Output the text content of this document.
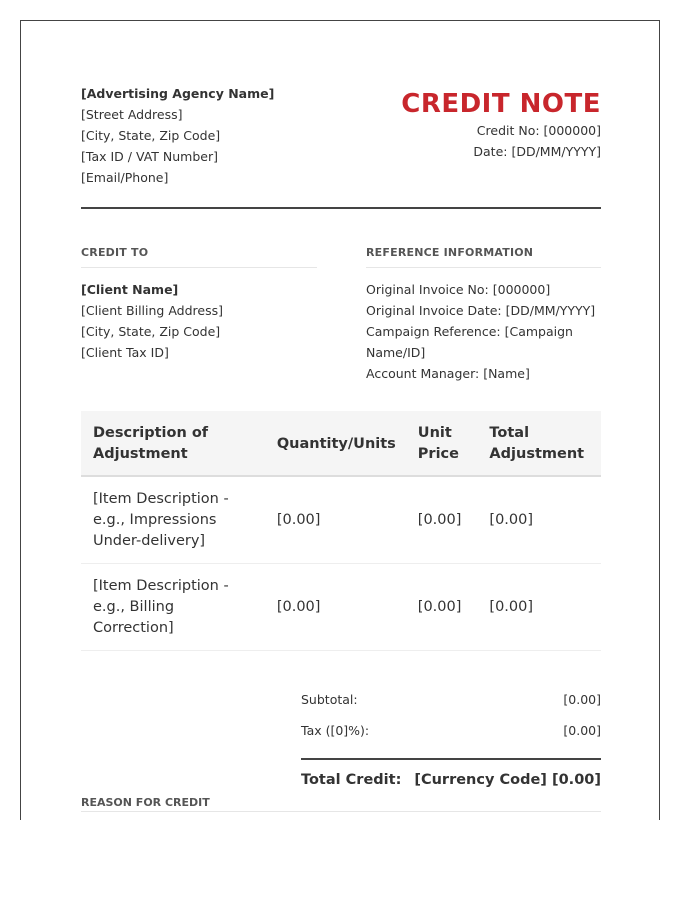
[Advertising Agency Name]
[Street Address]
[City, State, Zip Code]
[Tax ID / VAT Number]
[Email/Phone]
CREDIT NOTE
Credit No: [000000]
Date: [DD/MM/YYYY]
CREDIT TO
[Client Name]
[Client Billing Address]
[City, State, Zip Code]
[Client Tax ID]
REFERENCE INFORMATION
Original Invoice No: [000000]
Original Invoice Date: [DD/MM/YYYY]
Campaign Reference: [Campaign Name/ID]
Account Manager: [Name]
Description of Adjustment	Quantity/Units	Unit Price	Total Adjustment
[Item Description - e.g., Impressions Under-delivery]	[0.00]	[0.00]	[0.00]
[Item Description - e.g., Billing Correction]	[0.00]	[0.00]	[0.00]
Subtotal:	[0.00]
Tax ([0]%):	[0.00]
Total Credit: [Currency Code] [0.00]
REASON FOR CREDIT
